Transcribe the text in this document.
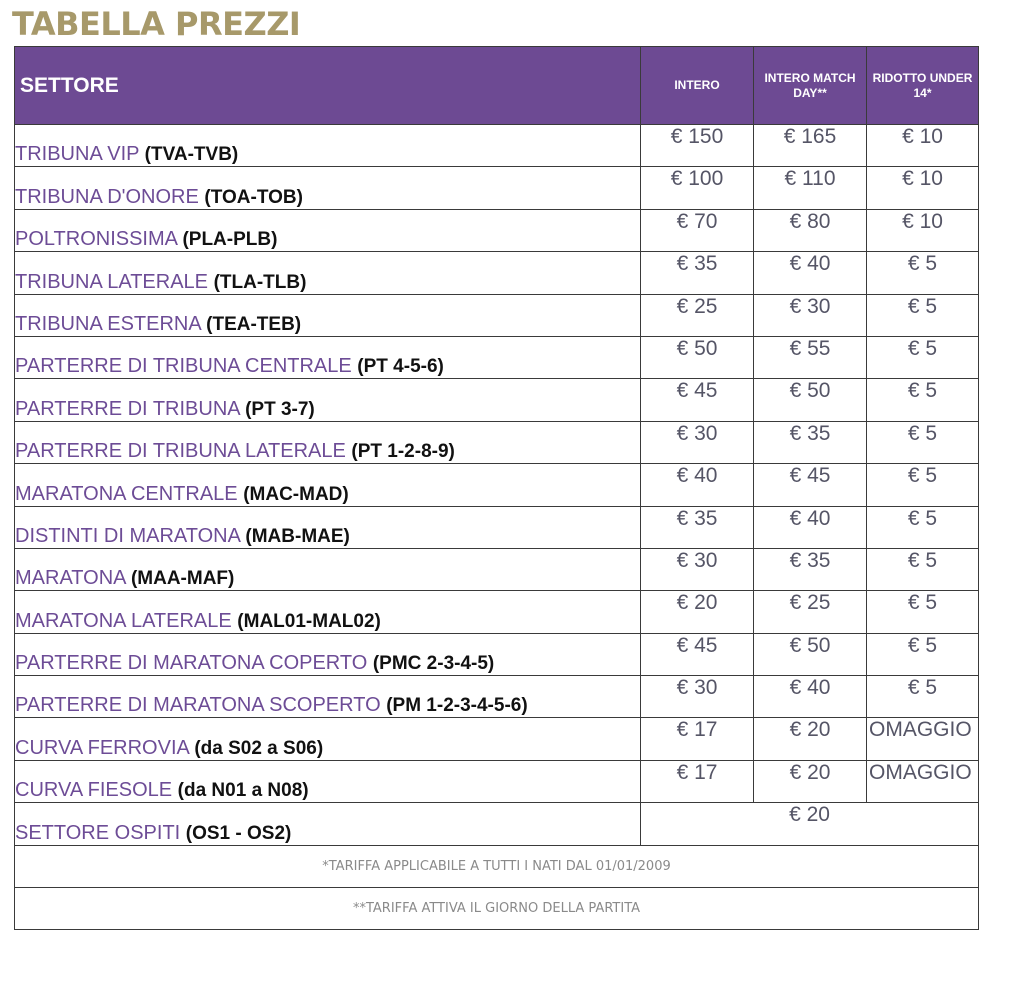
TABELLA PREZZI
SETTORE	INTERO	INTERO MATCH DAY**	RIDOTTO UNDER 14*
TRIBUNA VIP (TVA-TVB)	€ 150	€ 165	€ 10
TRIBUNA D'ONORE (TOA-TOB)	€ 100	€ 110	€ 10
POLTRONISSIMA (PLA-PLB)	€ 70	€ 80	€ 10
TRIBUNA LATERALE (TLA-TLB)	€ 35	€ 40	€ 5
TRIBUNA ESTERNA (TEA-TEB)	€ 25	€ 30	€ 5
PARTERRE DI TRIBUNA CENTRALE (PT 4-5-6)	€ 50	€ 55	€ 5
PARTERRE DI TRIBUNA (PT 3-7)	€ 45	€ 50	€ 5
PARTERRE DI TRIBUNA LATERALE (PT 1-2-8-9)	€ 30	€ 35	€ 5
MARATONA CENTRALE (MAC-MAD)	€ 40	€ 45	€ 5
DISTINTI DI MARATONA (MAB-MAE)	€ 35	€ 40	€ 5
MARATONA (MAA-MAF)	€ 30	€ 35	€ 5
MARATONA LATERALE (MAL01-MAL02)	€ 20	€ 25	€ 5
PARTERRE DI MARATONA COPERTO (PMC 2-3-4-5)	€ 45	€ 50	€ 5
PARTERRE DI MARATONA SCOPERTO (PM 1-2-3-4-5-6)	€ 30	€ 40	€ 5
CURVA FERROVIA (da S02 a S06)	€ 17	€ 20	OMAGGIO
CURVA FIESOLE (da N01 a N08)	€ 17	€ 20	OMAGGIO
SETTORE OSPITI (OS1 - OS2)	€ 20		
*TARIFFA APPLICABILE A TUTTI I NATI DAL 01/01/2009			
**TARIFFA ATTIVA IL GIORNO DELLA PARTITA			
